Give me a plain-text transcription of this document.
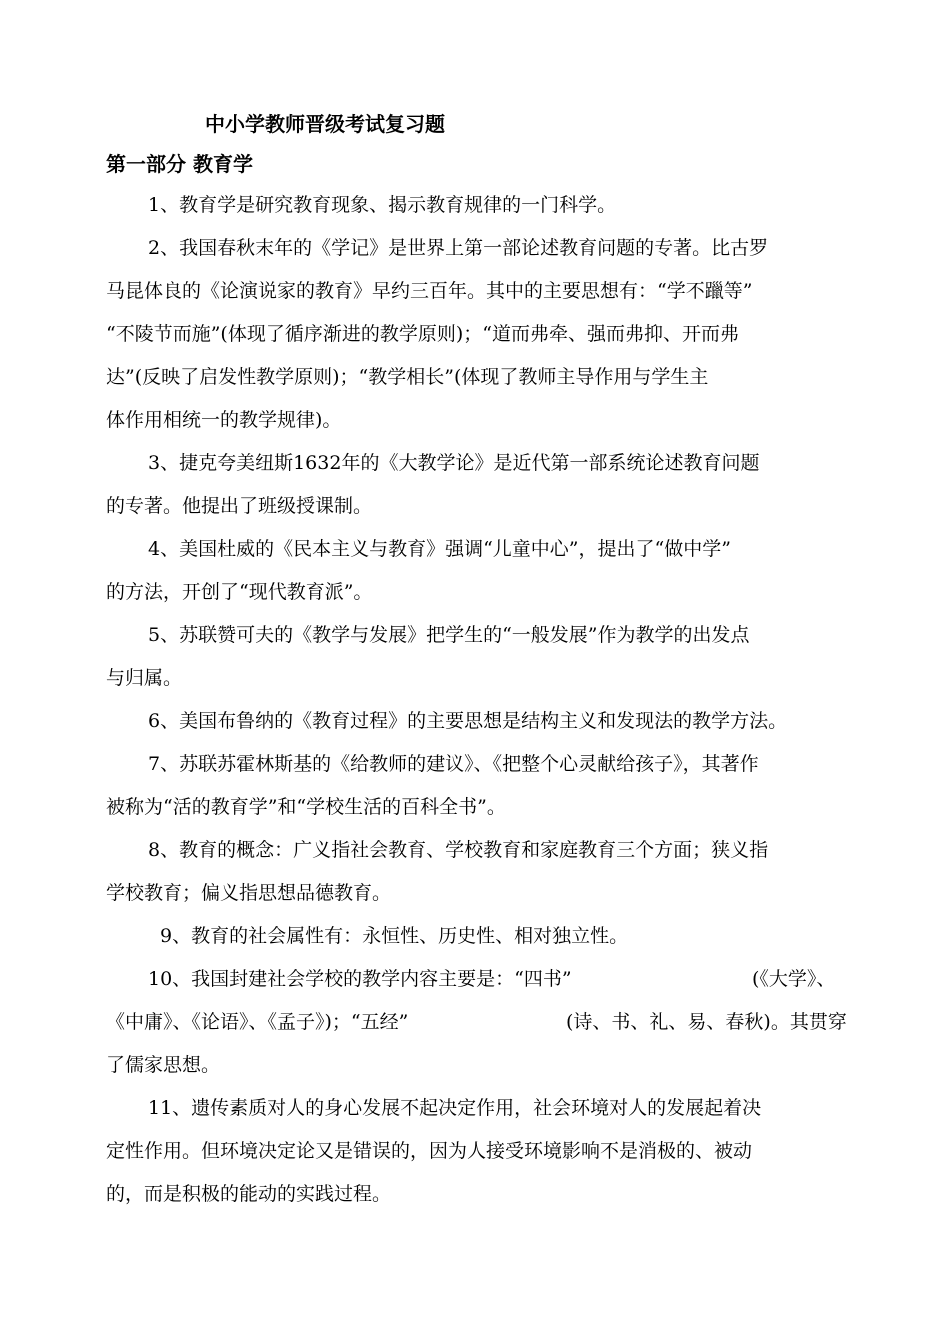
中小学教师晋级考试复习题
第一部分 教育学
1、教育学是研究教育现象、揭示教育规律的一门科学。
2、我国春秋末年的《学记》是世界上第一部论述教育问题的专著。比古罗
马昆体良的《论演说家的教育》早约三百年。其中的主要思想有：“学不躐等”
“不陵节而施”(体现了循序渐进的教学原则)；“道而弗牵、强而弗抑、开而弗
达”(反映了启发性教学原则)；“教学相长”(体现了教师主导作用与学生主
体作用相统一的教学规律)。
3、捷克夸美纽斯1632年的《大教学论》是近代第一部系统论述教育问题
的专著。他提出了班级授课制。
4、美国杜威的《民本主义与教育》强调“儿童中心”，提出了“做中学”
的方法，开创了“现代教育派”。
5、苏联赞可夫的《教学与发展》把学生的“一般发展”作为教学的出发点
与归属。
6、美国布鲁纳的《教育过程》的主要思想是结构主义和发现法的教学方法。
7、苏联苏霍林斯基的《给教师的建议》、《把整个心灵献给孩子》，其著作
被称为“活的教育学”和“学校生活的百科全书”。
8、教育的概念：广义指社会教育、学校教育和家庭教育三个方面；狭义指
学校教育；偏义指思想品德教育。
9、教育的社会属性有：永恒性、历史性、相对独立性。
10、我国封建社会学校的教学内容主要是：“四书”	(《大学》、
《中庸》、《论语》、《孟子》)；“五经”	(诗、书、礼、易、春秋)。其贯穿
了儒家思想。
11、遗传素质对人的身心发展不起决定作用，社会环境对人的发展起着决
定性作用。但环境决定论又是错误的，因为人接受环境影响不是消极的、被动
的，而是积极的能动的实践过程。
